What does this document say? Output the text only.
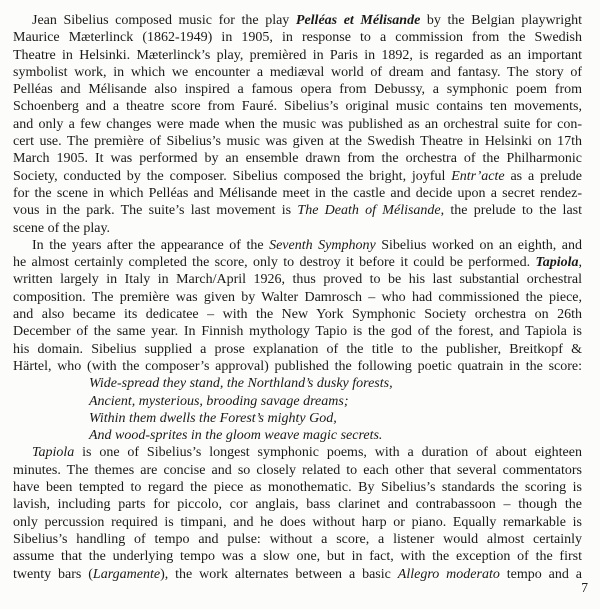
Jean Sibelius composed music for the play Pelléas et Mélisande by the Belgian playwright
Maurice Mæterlinck (1862-1949) in 1905, in response to a commission from the Swedish
Theatre in Helsinki. Mæterlinck’s play, premièred in Paris in 1892, is regarded as an important
symbolist work, in which we encounter a mediæval world of dream and fantasy. The story of
Pelléas and Mélisande also inspired a famous opera from Debussy, a symphonic poem from
Schoenberg and a theatre score from Fauré. Sibelius’s original music contains ten movements,
and only a few changes were made when the music was published as an orchestral suite for con-
cert use. The première of Sibelius’s music was given at the Swedish Theatre in Helsinki on 17th
March 1905. It was performed by an ensemble drawn from the orchestra of the Philharmonic
Society, conducted by the composer. Sibelius composed the bright, joyful Entr’acte as a prelude
for the scene in which Pelléas and Mélisande meet in the castle and decide upon a secret rendez-
vous in the park. The suite’s last movement is The Death of Mélisande, the prelude to the last
scene of the play.
In the years after the appearance of the Seventh Symphony Sibelius worked on an eighth, and
he almost certainly completed the score, only to destroy it before it could be performed. Tapiola,
written largely in Italy in March/April 1926, thus proved to be his last substantial orchestral
composition. The première was given by Walter Damrosch – who had commissioned the piece,
and also became its dedicatee – with the New York Symphonic Society orchestra on 26th
December of the same year. In Finnish mythology Tapio is the god of the forest, and Tapiola is
his domain. Sibelius supplied a prose explanation of the title to the publisher, Breitkopf &
Härtel, who (with the composer’s approval) published the following poetic quatrain in the score:
Wide-spread they stand, the Northland’s dusky forests,
Ancient, mysterious, brooding savage dreams;
Within them dwells the Forest’s mighty God,
And wood-sprites in the gloom weave magic secrets.
Tapiola is one of Sibelius’s longest symphonic poems, with a duration of about eighteen
minutes. The themes are concise and so closely related to each other that several commentators
have been tempted to regard the piece as monothematic. By Sibelius’s standards the scoring is
lavish, including parts for piccolo, cor anglais, bass clarinet and contrabassoon – though the
only percussion required is timpani, and he does without harp or piano. Equally remarkable is
Sibelius’s handling of tempo and pulse: without a score, a listener would almost certainly
assume that the underlying tempo was a slow one, but in fact, with the exception of the first
twenty bars (Largamente), the work alternates between a basic Allegro moderato tempo and a
7
